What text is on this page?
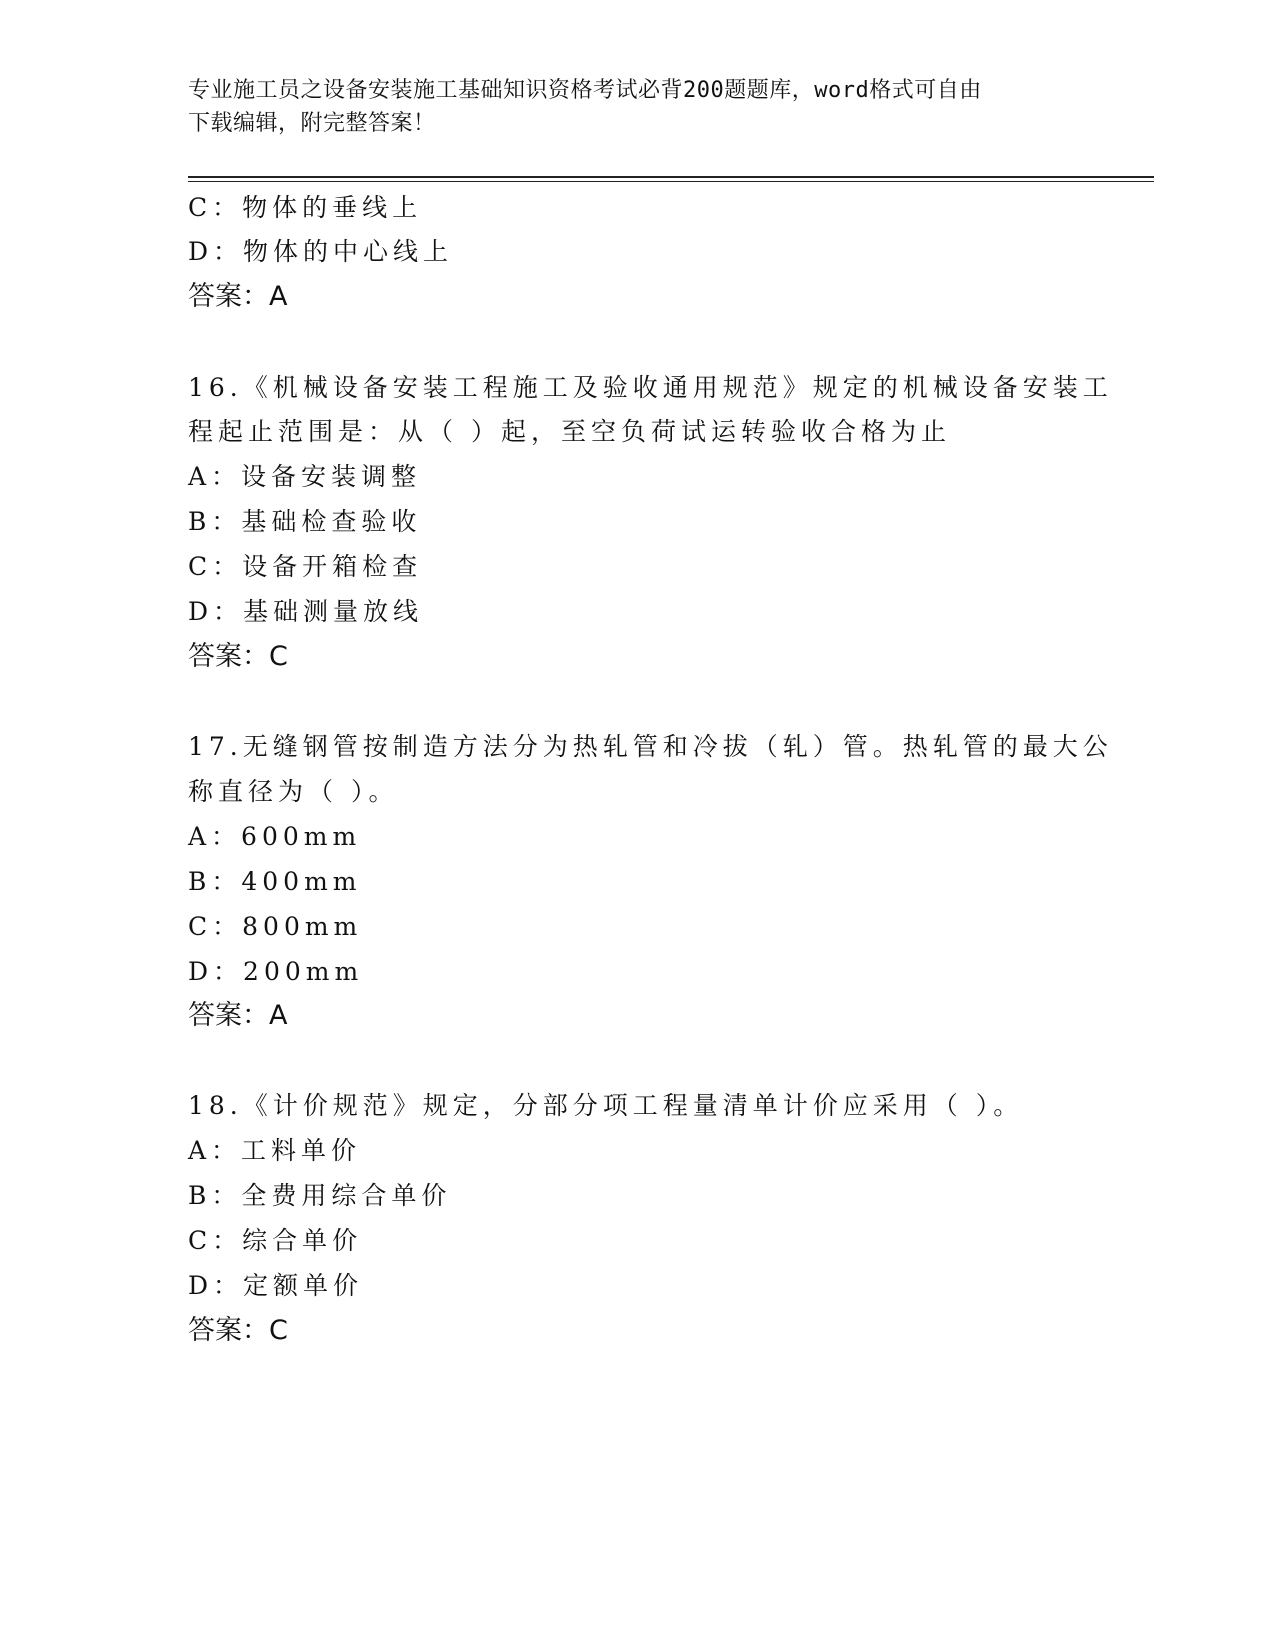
专业施工员之设备安装施工基础知识资格考试必背200题题库，word格式可自由
下载编辑，附完整答案！
C：物体的垂线上
D：物体的中心线上
答案：A
16.《机械设备安装工程施工及验收通用规范》规定的机械设备安装工
程起止范围是：从（ ）起，至空负荷试运转验收合格为止
A：设备安装调整
B：基础检查验收
C：设备开箱检查
D：基础测量放线
答案：C
17.无缝钢管按制造方法分为热轧管和冷拔（轧）管。热轧管的最大公
称直径为（ ）。
A：600mm
B：400mm
C：800mm
D：200mm
答案：A
18.《计价规范》规定，分部分项工程量清单计价应采用（ ）。
A：工料单价
B：全费用综合单价
C：综合单价
D：定额单价
答案：C
